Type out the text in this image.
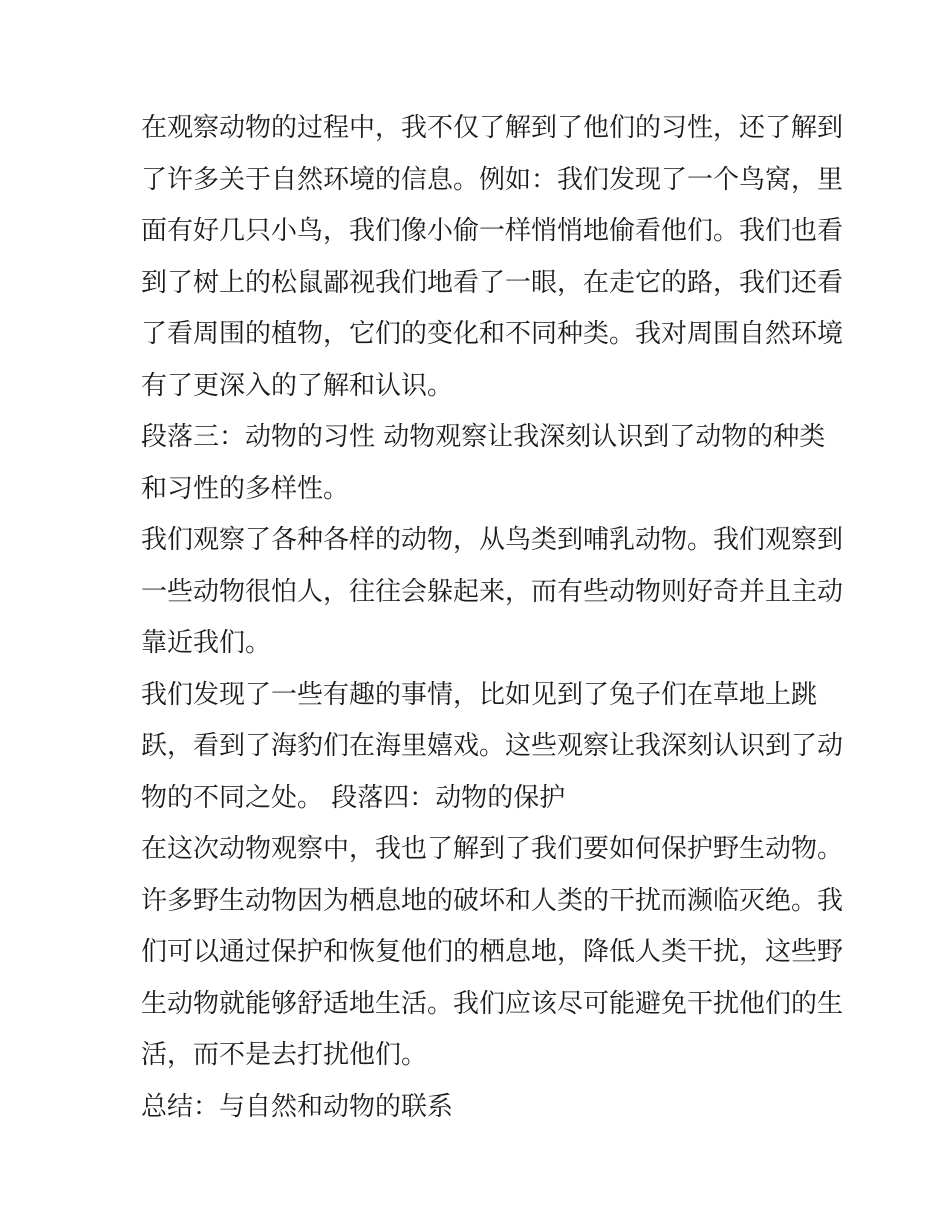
在观察动物的过程中，我不仅了解到了他们的习性，还了解到
了许多关于自然环境的信息。例如：我们发现了一个鸟窝，里
面有好几只小鸟，我们像小偷一样悄悄地偷看他们。我们也看
到了树上的松鼠鄙视我们地看了一眼，在走它的路，我们还看
了看周围的植物，它们的变化和不同种类。我对周围自然环境
有了更深入的了解和认识。

段落三：动物的习性 动物观察让我深刻认识到了动物的种类
和习性的多样性。

我们观察了各种各样的动物，从鸟类到哺乳动物。我们观察到
一些动物很怕人，往往会躲起来，而有些动物则好奇并且主动
靠近我们。

我们发现了一些有趣的事情，比如见到了兔子们在草地上跳
跃，看到了海豹们在海里嬉戏。这些观察让我深刻认识到了动
物的不同之处。 段落四：动物的保护

在这次动物观察中，我也了解到了我们要如何保护野生动物。
许多野生动物因为栖息地的破坏和人类的干扰而濒临灭绝。我
们可以通过保护和恢复他们的栖息地，降低人类干扰，这些野
生动物就能够舒适地生活。我们应该尽可能避免干扰他们的生
活，而不是去打扰他们。

总结：与自然和动物的联系
